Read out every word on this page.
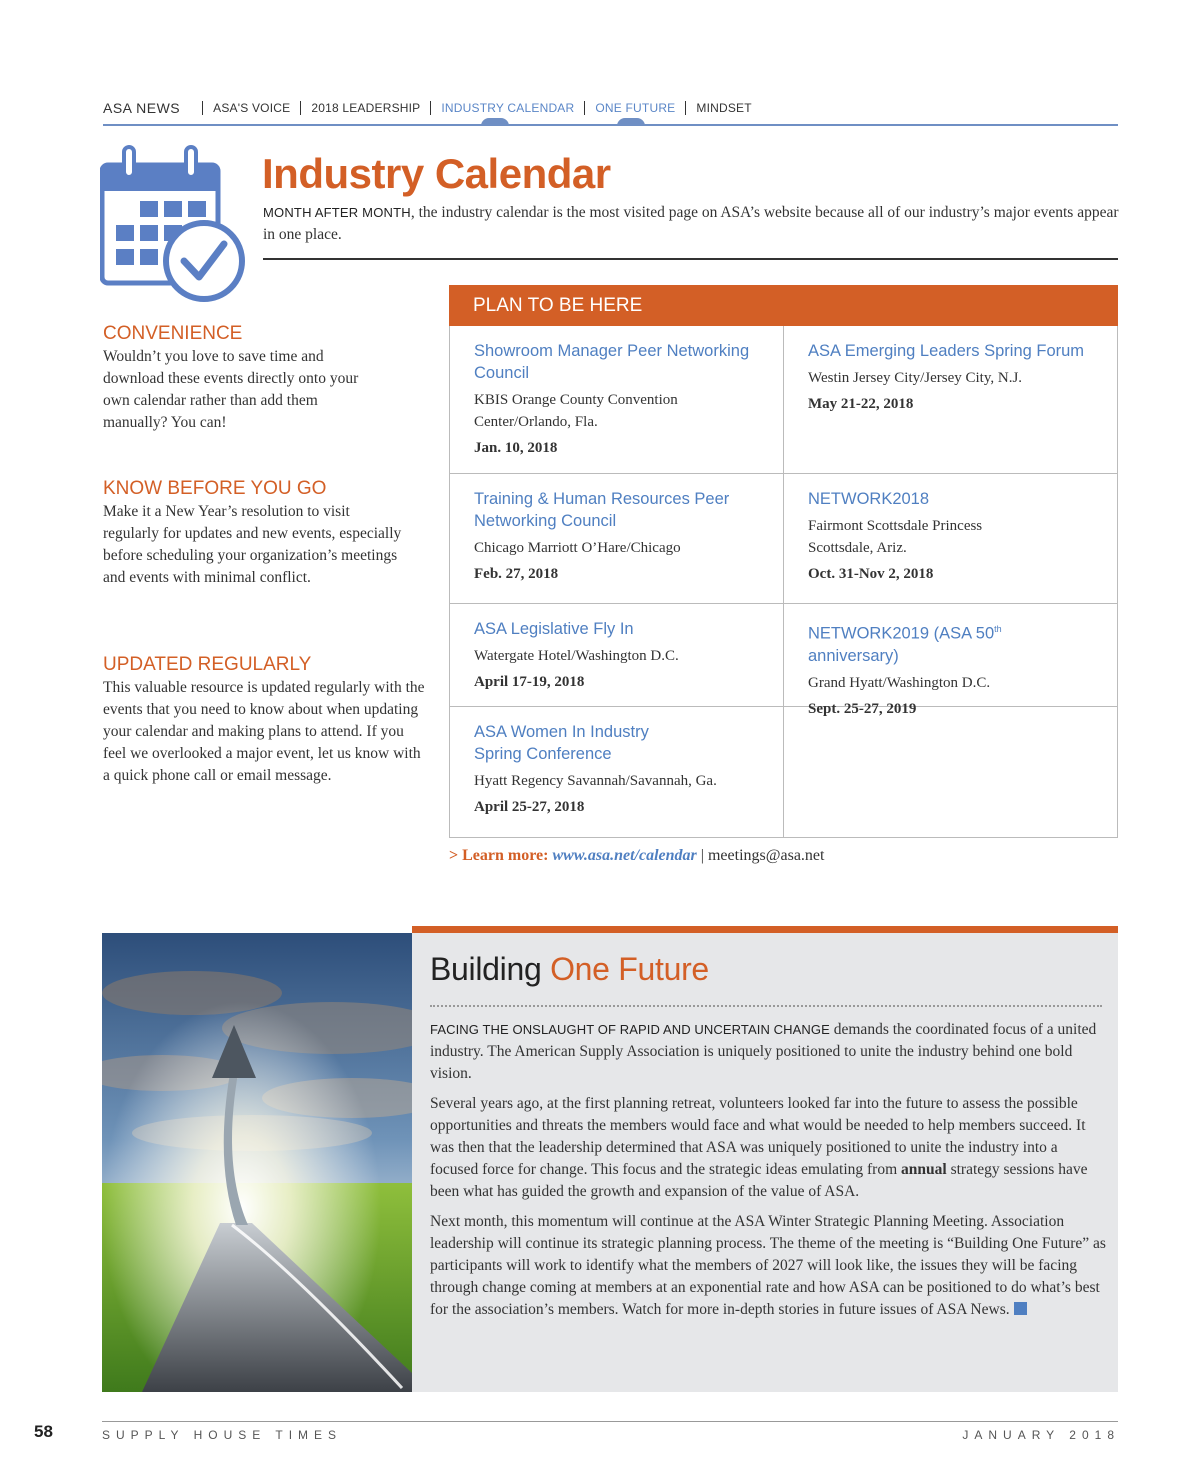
ASA NEWS	ASA'S VOICE	2018 LEADERSHIP	INDUSTRY CALENDAR	ONE FUTURE	MINDSET
Industry Calendar

MONTH AFTER MONTH, the industry calendar is the most visited page on ASA’s website because all of our industry’s major events appear in one place.

CONVENIENCE

Wouldn’t you love to save time and download these events directly onto your own calendar rather than add them manually? You can!

KNOW BEFORE YOU GO

Make it a New Year’s resolution to visit regularly for updates and new events, especially before scheduling your organization’s meetings and events with minimal conflict.

UPDATED REGULARLY

This valuable resource is updated regularly with the events that you need to know about when updating your calendar and making plans to attend. If you feel we overlooked a major event, let us know with a quick phone call or email message.

PLAN TO BE HERE
Showroom Manager Peer Networking Council
KBIS Orange County Convention Center/Orlando, Fla.
Jan. 10, 2018
ASA Emerging Leaders Spring Forum
Westin Jersey City/Jersey City, N.J.
May 21-22, 2018
Training & Human Resources Peer Networking Council
Chicago Marriott O’Hare/Chicago
Feb. 27, 2018
NETWORK2018
Fairmont Scottsdale Princess Scottsdale, Ariz.
Oct. 31-Nov 2, 2018
ASA Legislative Fly In
Watergate Hotel/Washington D.C.
April 17-19, 2018
NETWORK2019 (ASA 50th anniversary)
Grand Hyatt/Washington D.C.
Sept. 25-27, 2019
ASA Women In Industry Spring Conference
Hyatt Regency Savannah/Savannah, Ga.
April 25-27, 2018
> Learn more: www.asa.net/calendar | meetings@asa.net
Building One Future

FACING THE ONSLAUGHT OF RAPID AND UNCERTAIN CHANGE demands the coordinated focus of a united industry. The American Supply Association is uniquely positioned to unite the industry behind one bold vision.

Several years ago, at the first planning retreat, volunteers looked far into the future to assess the possible opportunities and threats the members would face and what would be needed to help members succeed. It was then that the leadership determined that ASA was uniquely positioned to unite the industry into a focused force for change. This focus and the strategic ideas emulating from annual strategy sessions have been what has guided the growth and expansion of the value of ASA.

Next month, this momentum will continue at the ASA Winter Strategic Planning Meeting. Association leadership will continue its strategic planning process. The theme of the meeting is “Building One Future” as participants will work to identify what the members of 2027 will look like, the issues they will be facing through change coming at members at an exponential rate and how ASA can be positioned to do what’s best for the association’s members. Watch for more in-depth stories in future issues of ASA News.

58	SUPPLY HOUSE TIMES	JANUARY 2018
